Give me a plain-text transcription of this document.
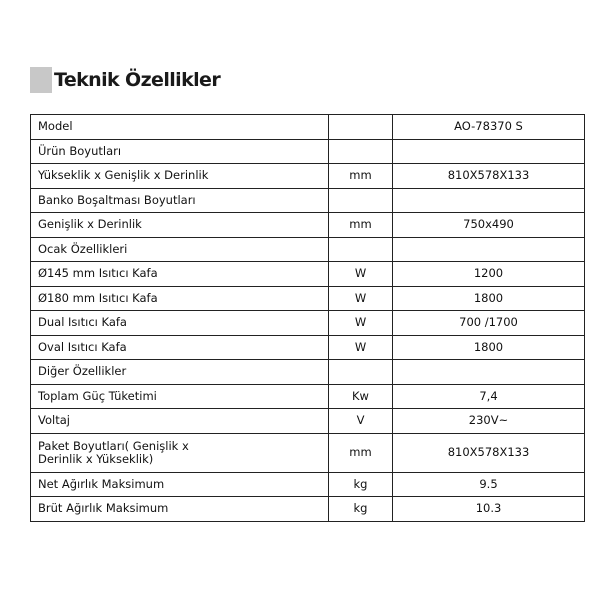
Teknik Özellikler
Model		AO-78370 S
Ürün Boyutları		
Yükseklik x Genişlik x Derinlik	mm	810X578X133
Banko Boşaltması Boyutları		
Genişlik x Derinlik	mm	750x490
Ocak Özellikleri		
Ø145 mm Isıtıcı Kafa	W	1200
Ø180 mm Isıtıcı Kafa	W	1800
Dual Isıtıcı Kafa	W	700 /1700
Oval Isıtıcı Kafa	W	1800
Diğer Özellikler		
Toplam Güç Tüketimi	Kw	7,4
Voltaj	V	230V~
Paket Boyutları( Genişlik x
Derinlik x Yükseklik)	mm	810X578X133
Net Ağırlık Maksimum	kg	9.5
Brüt Ağırlık Maksimum	kg	10.3
